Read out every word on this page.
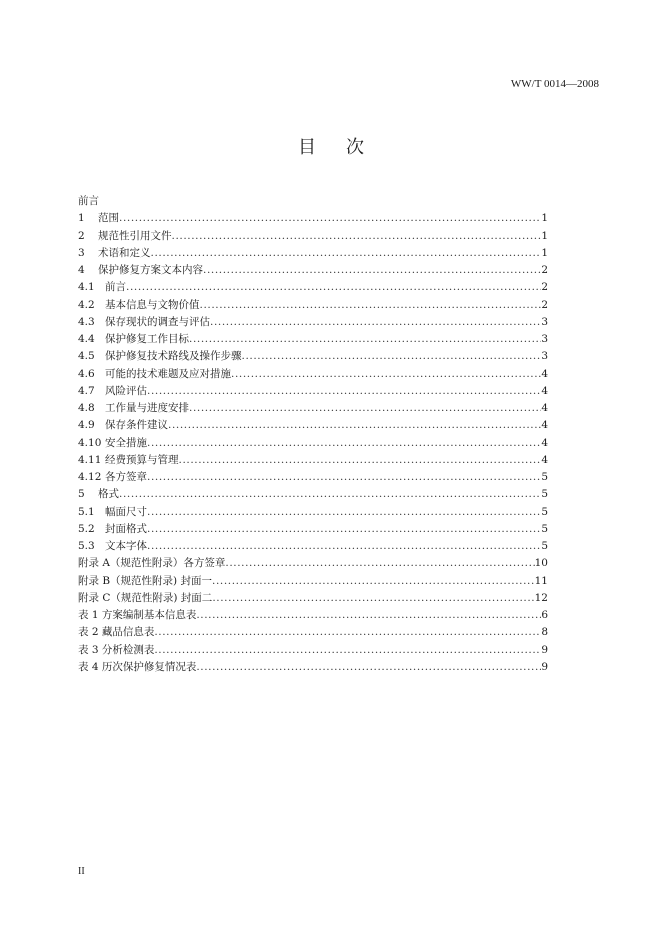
WW/T 0014—2008
目 次
前言
1	范围 .....	1
2	规范性引用文件 .....	1
3	术语和定义 .....	1
4	保护修复方案文本内容 .....	2
4.1 前言 .....	2
4.2 基本信息与文物价值 .....	2
4.3 保存现状的调查与评估 .....	3
4.4 保护修复工作目标 .....	3
4.5 保护修复技术路线及操作步骤 .....	3
4.6 可能的技术难题及应对措施 .....	4
4.7 风险评估 .....	4
4.8 工作量与进度安排 .....	4
4.9 保存条件建议 .....	4
4.10 安全措施 .....	4
4.11 经费预算与管理 .....	4
4.12 各方签章 .....	5
5	格式 .....	5
5.1 幅面尺寸 .....	5
5.2 封面格式 .....	5
5.3 文本字体 .....	5
附录 A（规范性附录）各方签章 .....	10
附录 B（规范性附录) 封面一 .....	11
附录 C（规范性附录) 封面二 .....	12
表 1 方案编制基本信息表 .....	6
表 2 藏品信息表 .....	8
表 3 分析检测表 .....	9
表 4 历次保护修复情况表 .....	9
II
